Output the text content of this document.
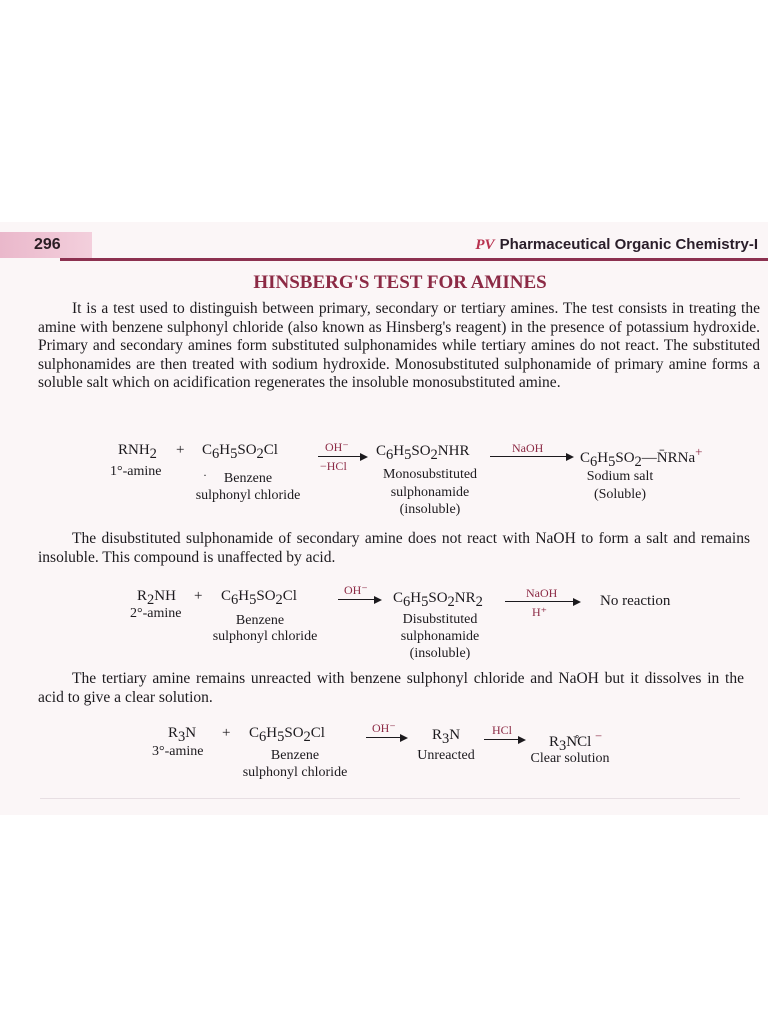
296	PV Pharmaceutical Organic Chemistry-I
HINSBERG'S TEST FOR AMINES
It is a test used to distinguish between primary, secondary or tertiary amines. The test consists in treating the amine with benzene sulphonyl chloride (also known as Hinsberg's reagent) in the presence of potassium hydroxide. Primary and secondary amines form substituted sulphonamides while tertiary amines do not react. The substituted sulphonamides are then treated with sodium hydroxide. Monosubstituted sulphonamide of primary amine forms a soluble salt which on acidification regenerates the insoluble monosubstituted amine.
$RNH_2 + C_6H_5SO_2Cl$
1°-amine	·	Benzene
sulphonyl chloride
OH⁻
−HCl
$C_6H_5SO_2NHR$
Monosubstituted
sulphonamide
(insoluble)
NaOH
$C_6H_5SO_2—N̄RNa^+$
Sodium salt
(Soluble)
The disubstituted sulphonamide of secondary amine does not react with NaOH to form a salt and remains insoluble. This compound is unaffected by acid.
$R_2NH + C_6H_5SO_2Cl$
2°-amine	Benzene
sulphonyl chloride
$OH^- \to C_6H_5SO_2NR_2$
Disubstituted
sulphonamide
(insoluble)
NaOH
H⁺
No reaction
The tertiary amine remains unreacted with benzene sulphonyl chloride and NaOH but it dissolves in the acid to give a clear solution.
$R_3N + C_6H_5SO_2Cl$
3°-amine	Benzene
sulphonyl chloride
OH⁻ $R_3N$
Unreacted
HCl
$R_3N̊Cl$ −
Clear solution
